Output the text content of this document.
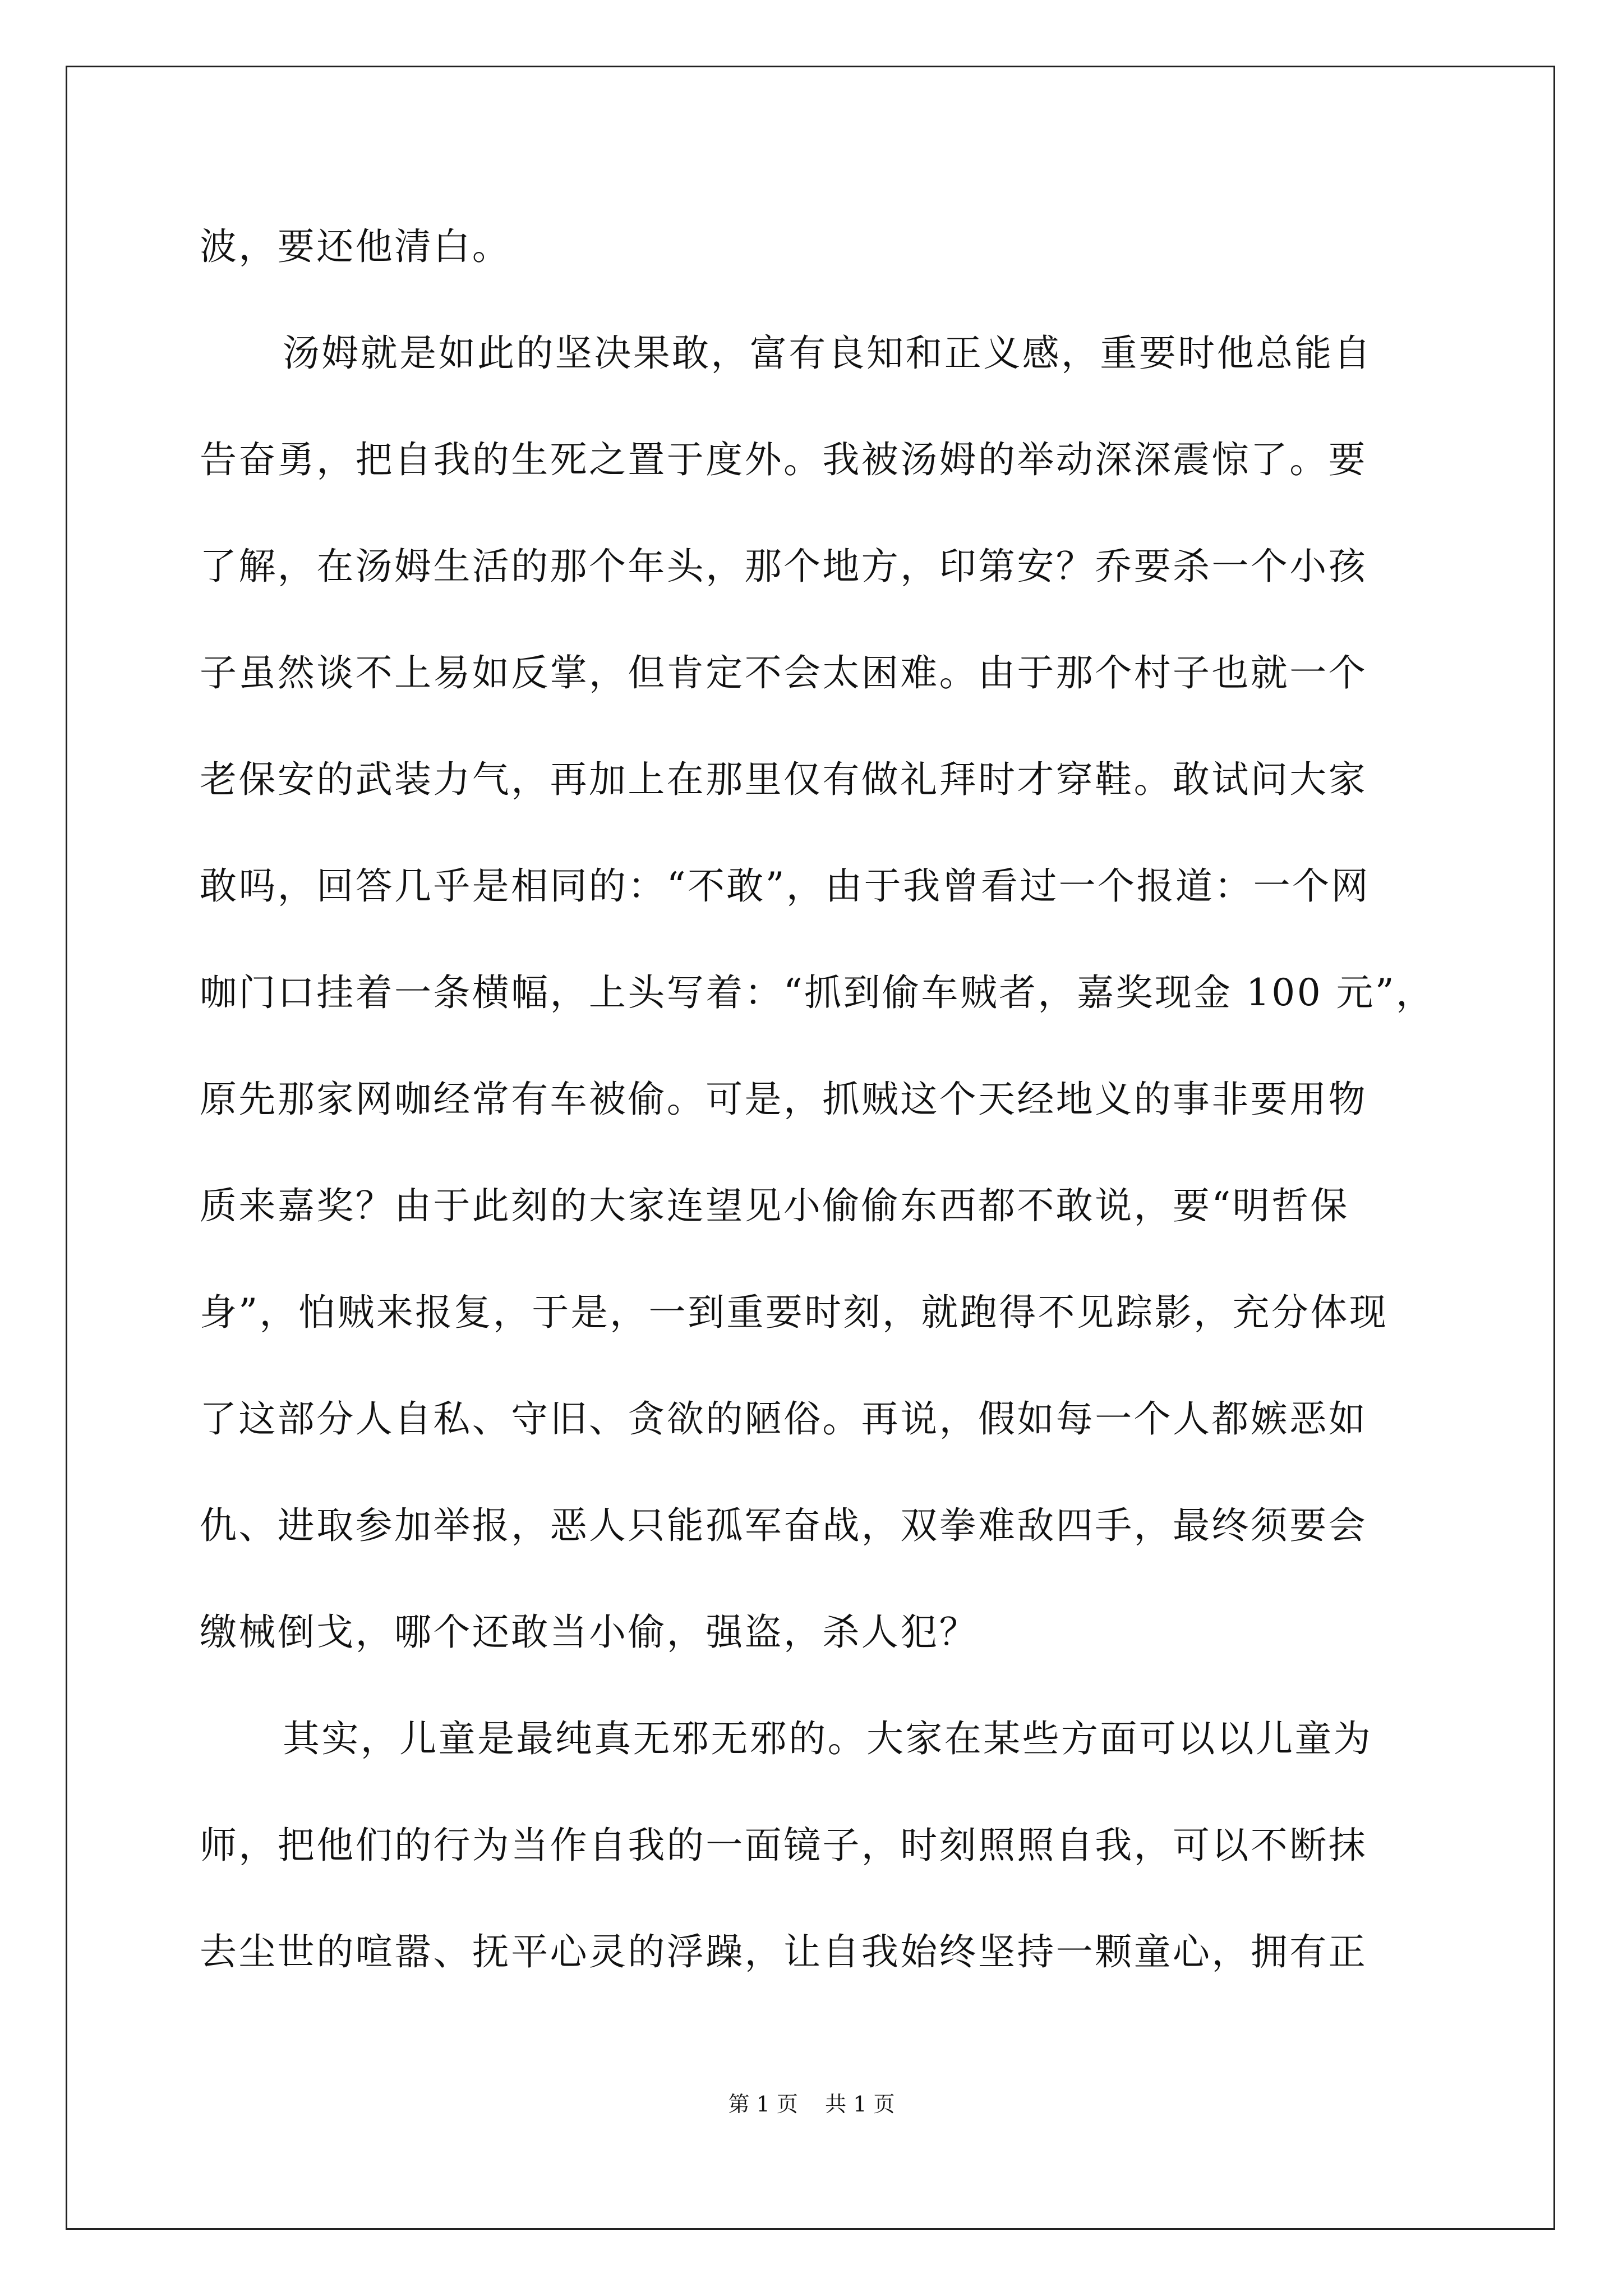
波，要还他清白。
汤姆就是如此的坚决果敢，富有良知和正义感，重要时他总能自
告奋勇，把自我的生死之置于度外。我被汤姆的举动深深震惊了。要
了解，在汤姆生活的那个年头，那个地方，印第安？乔要杀一个小孩
子虽然谈不上易如反掌，但肯定不会太困难。由于那个村子也就一个
老保安的武装力气，再加上在那里仅有做礼拜时才穿鞋。敢试问大家
敢吗，回答几乎是相同的：“不敢”，由于我曾看过一个报道：一个网
咖门口挂着一条横幅，上头写着：“抓到偷车贼者，嘉奖现金 100 元”，
原先那家网咖经常有车被偷。可是，抓贼这个天经地义的事非要用物
质来嘉奖？由于此刻的大家连望见小偷偷东西都不敢说，要“明哲保
身”，怕贼来报复，于是，一到重要时刻，就跑得不见踪影，充分体现
了这部分人自私、守旧、贪欲的陋俗。再说，假如每一个人都嫉恶如
仇、进取参加举报，恶人只能孤军奋战，双拳难敌四手，最终须要会
缴械倒戈，哪个还敢当小偷，强盗，杀人犯？
其实，儿童是最纯真无邪无邪的。大家在某些方面可以以儿童为
师，把他们的行为当作自我的一面镜子，时刻照照自我，可以不断抹
去尘世的喧嚣、抚平心灵的浮躁，让自我始终坚持一颗童心，拥有正
第 1 页    共 1 页
